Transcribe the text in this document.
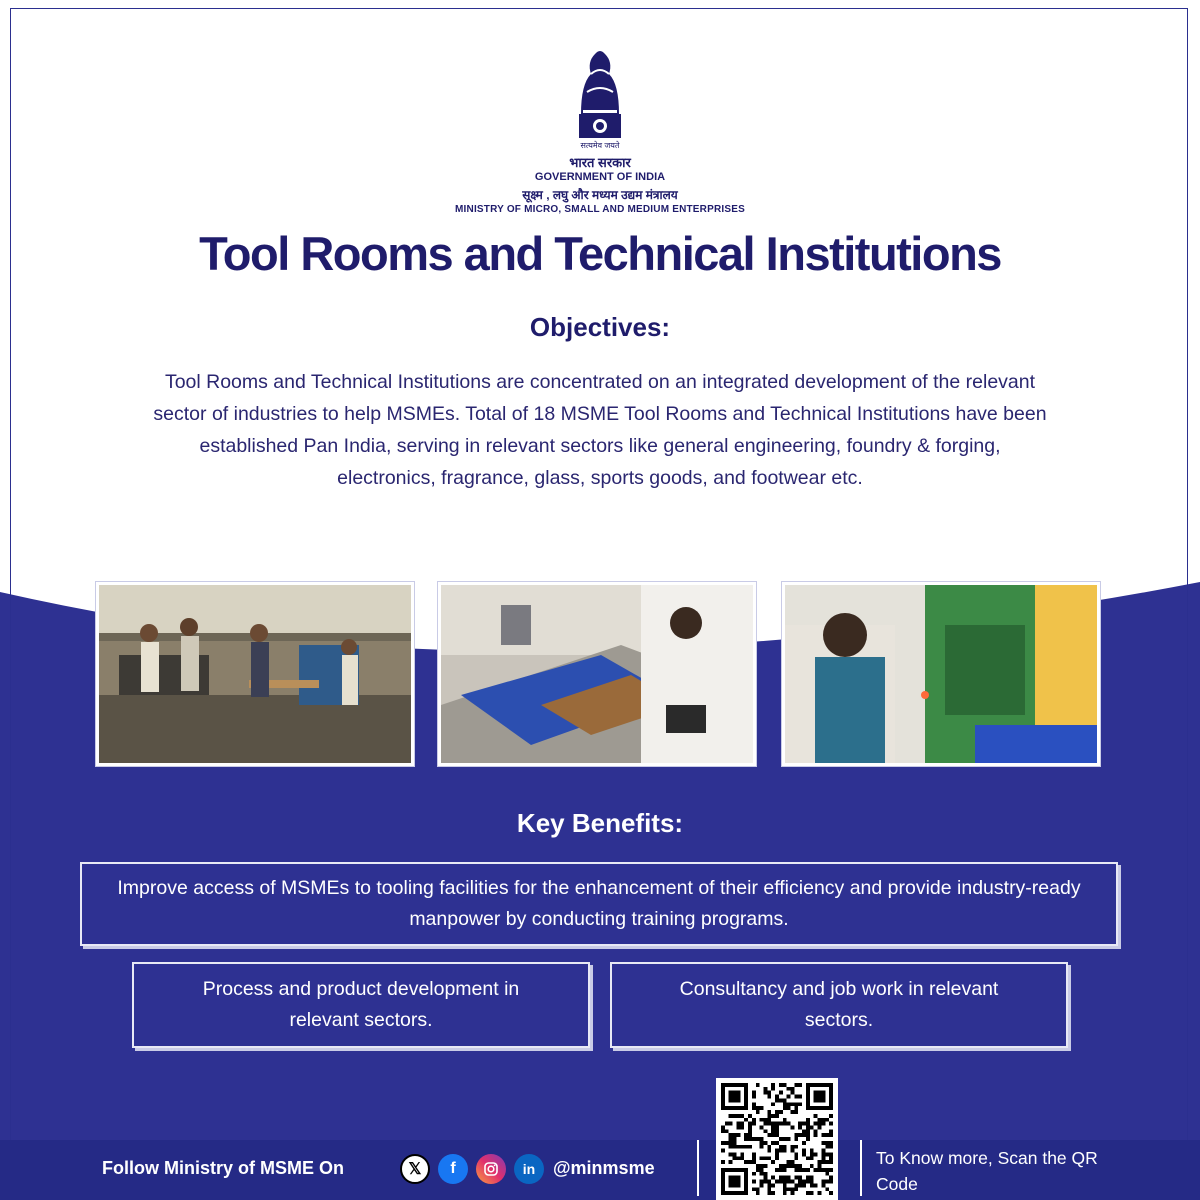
सत्यमेव जयते
भारत सरकार
GOVERNMENT OF INDIA
सूक्ष्म , लघु और मध्यम उद्यम मंत्रालय
MINISTRY OF MICRO, SMALL AND MEDIUM ENTERPRISES
Tool Rooms and Technical Institutions
Objectives:
Tool Rooms and Technical Institutions are concentrated on an integrated development of the relevant sector of industries to help MSMEs. Total of 18 MSME Tool Rooms and Technical Institutions have been established Pan India, serving in relevant sectors like general engineering, foundry & forging, electronics, fragrance, glass, sports goods, and footwear etc.
Key Benefits:
Improve access of MSMEs to tooling facilities for the enhancement of their efficiency and provide industry-ready manpower by conducting training programs.
Process and product development in relevant sectors.
Consultancy and job work in relevant sectors.
Follow Ministry of MSME On	𝕏	f	in @minmsme	To Know more, Scan the QR Code
